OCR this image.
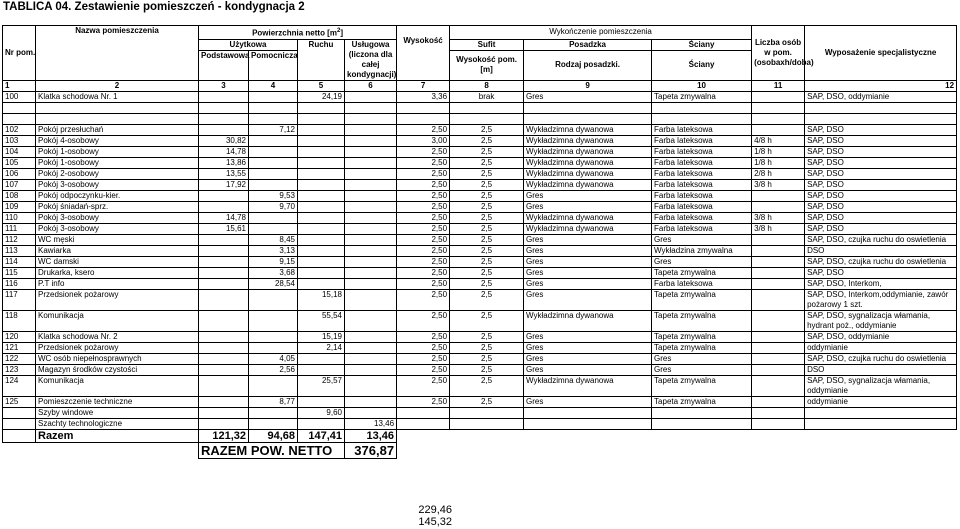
TABLICA 04. Zestawienie pomieszczeń - kondygnacja 2
Nr pom.	Nazwa pomieszczenia	Powierzchnia netto $[m^2]$				Wysokość	Wykończenie pomieszczenia			Liczba osób w pom. (osobaxh/doba)	Wyposażenie specjalistyczne
		Użytkowa		Ruchu	Usługowa
(liczona dla całej kondygnacji)		Sufit	Posadzka	Ściany		
		Podstawowa	Pomocnicza				Wysokość pom. [m]	Rodzaj posadzki.	Ściany		

1	2	3	4	5	6	7	8	9	10	11	12
100	Klatka schodowa Nr. 1			24,19		3,36	brak	Gres	Tapeta zmywalna		SAP, DSO, oddymianie

102	Pokój przesłuchań		7,12			2,50	2,5	Wykładzimna dywanowa	Farba lateksowa		SAP, DSO
103	Pokój 4-osobowy	30,82				3,00	2,5	Wykładzimna dywanowa	Farba lateksowa	4/8 h	SAP, DSO
104	Pokój 1-osobowy	14,78				2,50	2,5	Wykładzimna dywanowa	Farba lateksowa	1/8 h	SAP, DSO
105	Pokój 1-osobowy	13,86				2,50	2,5	Wykładzimna dywanowa	Farba lateksowa	1/8 h	SAP, DSO
106	Pokój 2-osobowy	13,55				2,50	2,5	Wykładzimna dywanowa	Farba lateksowa	2/8 h	SAP, DSO
107	Pokój 3-osobowy	17,92				2,50	2,5	Wykładzimna dywanowa	Farba lateksowa	3/8 h	SAP, DSO
108	Pokój odpoczynku-kier.		9,53			2,50	2,5	Gres	Farba lateksowa		SAP, DSO
109	Pokój śniadań-sprz.		9,70			2,50	2,5	Gres	Farba lateksowa		SAP, DSO
110	Pokój 3-osobowy	14,78				2,50	2,5	Wykładzimna dywanowa	Farba lateksowa	3/8 h	SAP, DSO
111	Pokój 3-osobowy	15,61				2,50	2,5	Wykładzimna dywanowa	Farba lateksowa	3/8 h	SAP, DSO
112	WC męski		8,45			2,50	2,5	Gres	Gres		SAP, DSO, czujka ruchu do oswietlenia
113	Kawiarka		3,13			2,50	2,5	Gres	Wykładzina zmywalna		DSO
114	WC damski		9,15			2,50	2,5	Gres	Gres		SAP, DSO, czujka ruchu do oswietlenia
115	Drukarka, ksero		3,68			2,50	2,5	Gres	Tapeta zmywalna		SAP, DSO
116	P.T info		28,54			2,50	2,5	Gres	Farba lateksowa		SAP, DSO, Interkom,
117	Przedsionek pożarowy			15,18		2,50	2,5	Gres	Tapeta zmywalna		SAP, DSO, Interkom,oddymianie, zawór pożarowy 1 szt.
118	Komunikacja			55,54		2,50	2,5	Wykładzimna dywanowa	Tapeta zmywalna		SAP, DSO, sygnalizacja włamania, hydrant poż., oddymianie
120	Klatka schodowa Nr. 2			15,19		2,50	2,5	Gres	Tapeta zmywalna		SAP, DSO, oddymianie
121	Przedsionek pożarowy			2,14		2,50	2,5	Gres	Tapeta zmywalna		oddymianie
122	WC osób niepełnosprawnych		4,05			2,50	2,5	Gres	Gres		SAP, DSO, czujka ruchu do oswietlenia
123	Magazyn środków czystości		2,56			2,50	2,5	Gres	Gres		DSO
124	Komunikacja			25,57		2,50	2,5	Wykładzimna dywanowa	Tapeta zmywalna		SAP, DSO, sygnalizacja włamania, oddymianie
125	Pomieszczenie techniczne		8,77			2,50	2,5	Gres	Tapeta zmywalna		oddymianie
	Szyby windowe			9,60							
	Szachty technologiczne				13,46						
	Razem	121,32	94,68	147,41	13,46						
		RAZEM POW. NETTO			376,87						
229,46
145,32
